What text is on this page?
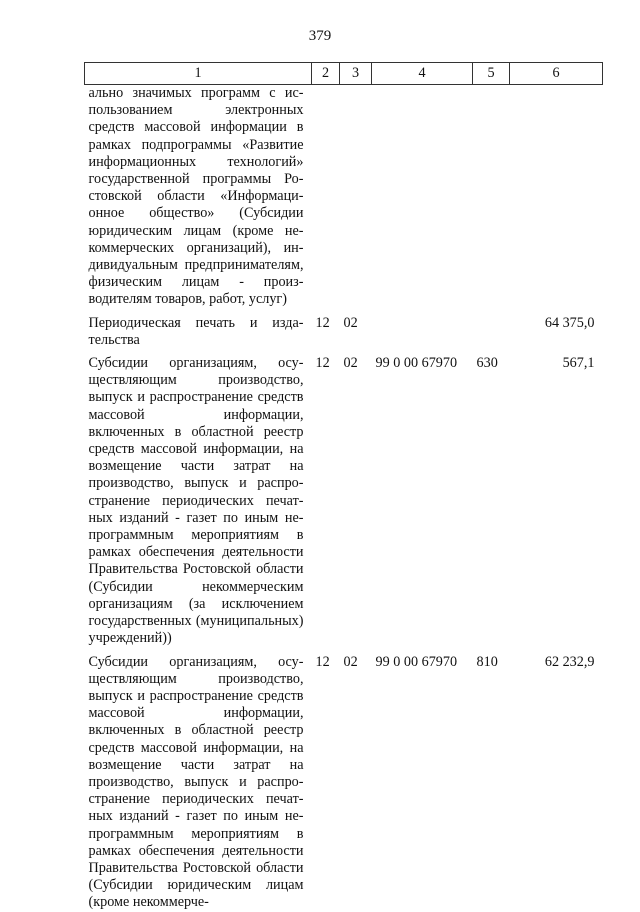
379
1	2	3	4	5	6
ально значимых программ с использованием электронных средств массовой информации в рамках подпрограммы «Развитие информационных технологий» государственной программы Ростовской области «Информационное общество» (Субсидии юридическим лицам (кроме некоммерческих организаций), индивидуальным предпринимателям, физическим лицам - производителям товаров, работ, услуг)					
Периодическая печать и издательства	12	02			64 375,0
Субсидии организациям, осуществляющим производство, выпуск и распространение средств массовой информации, включенных в областной реестр средств массовой информации, на возмещение части затрат на производство, выпуск и распространение периодических печатных изданий - газет по иным непрограммным мероприятиям в рамках обеспечения деятельности Правительства Ростовской области (Субсидии некоммерческим организациям (за исключением государственных (муниципальных) учреждений))	12	02	99 0 00 67970	630	567,1
Субсидии организациям, осуществляющим производство, выпуск и распространение средств массовой информации, включенных в областной реестр средств массовой информации, на возмещение части затрат на производство, выпуск и распространение периодических печатных изданий - газет по иным непрограммным мероприятиям в рамках обеспечения деятельности Правительства Ростовской области (Субсидии юридическим лицам (кроме некоммерче-	12	02	99 0 00 67970	810	62 232,9
